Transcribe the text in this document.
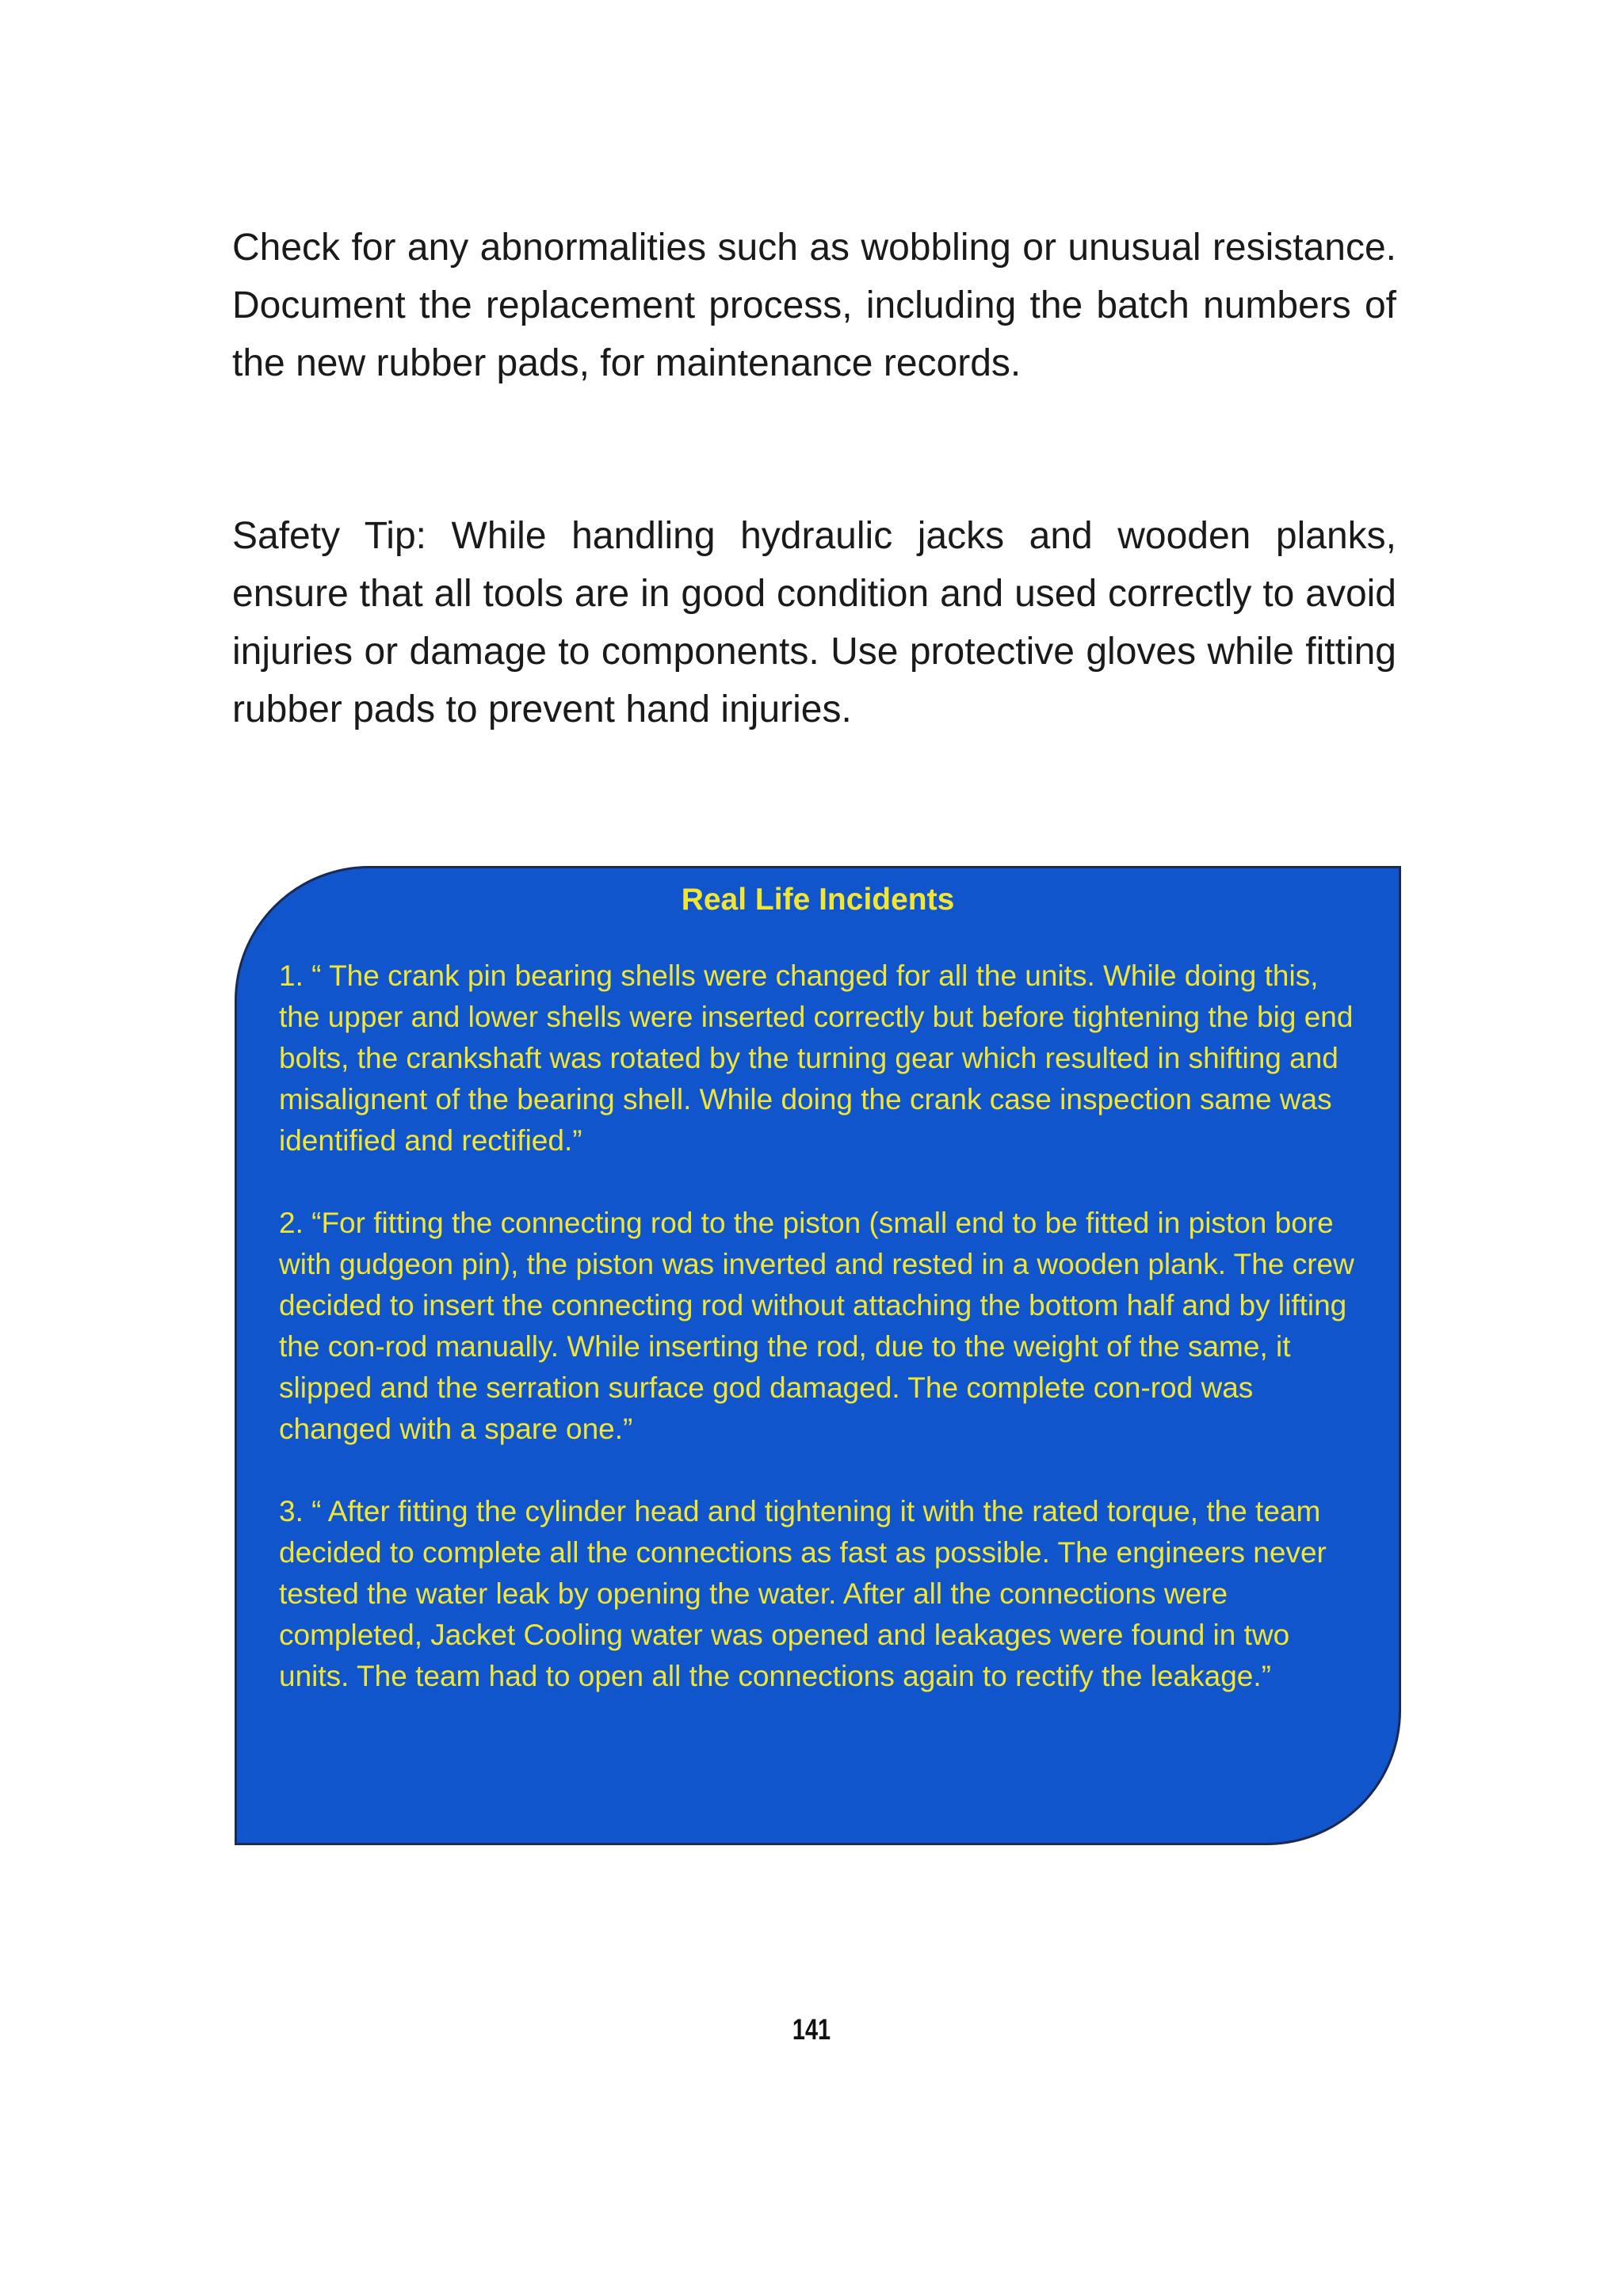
Check for any abnormalities such as wobbling or unusual resistance. Document the replacement process, including the batch numbers of the new rubber pads, for maintenance records.

Safety Tip: While handling hydraulic jacks and wooden planks, ensure that all tools are in good condition and used correctly to avoid injuries or damage to components. Use protective gloves while fitting rubber pads to prevent hand injuries.

Real Life Incidents
1. “ The crank pin bearing shells were changed for all the units. While doing this, the upper and lower shells were inserted correctly but before tightening the big end bolts, the crankshaft was rotated by the turning gear which resulted in shifting and misalignent of the bearing shell. While doing the crank case inspection same was identified and rectified.”
2. “For fitting the connecting rod to the piston (small end to be fitted in piston bore with gudgeon pin), the piston was inverted and rested in a wooden plank. The crew decided to insert the connecting rod without attaching the bottom half and by lifting the con-rod manually. While inserting the rod, due to the weight of the same, it slipped and the serration surface god damaged. The complete con-rod was changed with a spare one.”
3. “ After fitting the cylinder head and tightening it with the rated torque, the team decided to complete all the connections as fast as possible. The engineers never tested the water leak by opening the water. After all the connections were completed, Jacket Cooling water was opened and leakages were found in two units. The team had to open all the connections again to rectify the leakage.”
141
